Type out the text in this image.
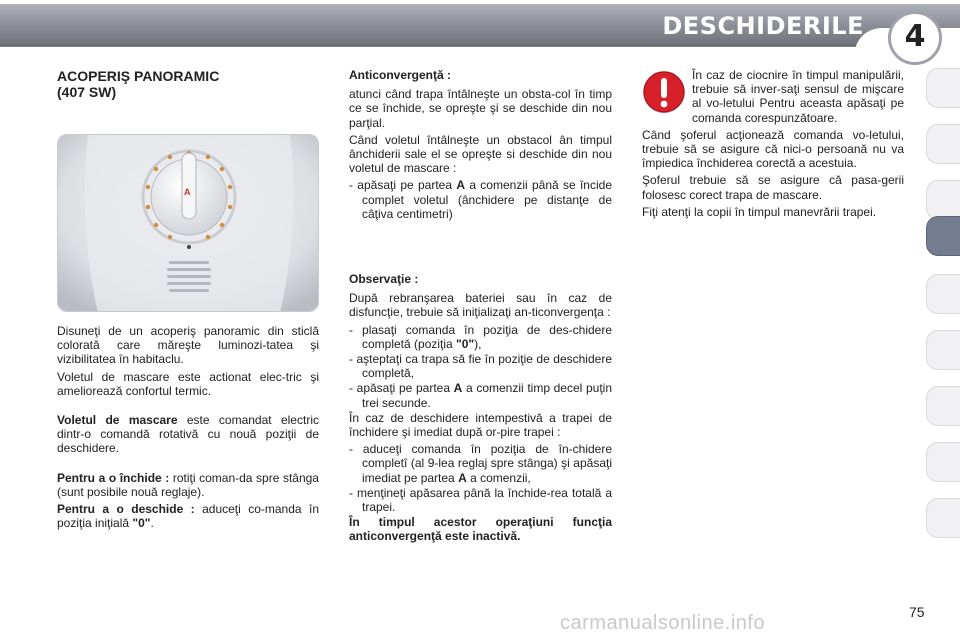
DESCHIDERILE	4
ACOPERIŞ PANORAMIC
(407 SW)
A

Disuneţi de un acoperiş panoramic din sticlă colorată care măreşte luminozi-tatea şi vizibilitatea în habitaclu.

Voletul de mascare este actionat elec-tric şi ameliorează confortul termic.

Voletul de mascare este comandat electric dintr-o comandă rotativă cu nouă poziţii de deschidere.

Pentru a o închide : rotiţi coman-da spre stânga (sunt posibile nouă reglaje).

Pentru a o deschide : aduceţi co-manda în poziţia iniţială "0".

Anticonvergenţă :

atunci când trapa întâlneşte un obsta-col în timp ce se închide, se opreşte şi se deschide din nou parţial.

Când voletul întâlneşte un obstacol ân timpul ânchiderii sale el se opreşte si deschide din nou voletul de mascare :

- apăsaţi pe partea A a comenzii până se încide complet voletul (ânchidere pe distanţe de câţiva centimetri)
Observaţie :

După rebranşarea bateriei sau în caz de disfuncţie, trebuie să iniţializaţi an-ticonvergenţa :

- plasaţi comanda în poziţia de des-chidere completă (poziţia "0"),
- aşteptaţi ca trapa să fie în poziţie de deschidere completă,
- apăsaţi pe partea A a comenzii timp decel puţin trei secunde.

În caz de deschidere intempestivă a trapei de închidere şi imediat după or-pire trapei :

- aduceţi comanda în poziţia de în-chidere completî (al 9-lea reglaj spre stânga) şi apăsaţi imediat pe partea A a comenzii,
- menţineţi apăsarea până la închide-rea totală a trapei.

În timpul acestor operaţiuni funcţia anticonvergenţă este inactivă.

În caz de ciocnire în timpul manipulării, trebuie să inver-saţi sensul de mişcare al vo-letului Pentru aceasta apăsaţi pe comanda corespunzătoare.

Când şoferul acţionează comanda vo-letului, trebuie să se asigure că nici-o persoană nu va împiedica închiderea corectă a acestuia.

Şoferul trebuie să se asigure că pasa-gerii folosesc corect trapa de mascare.

Fiţi atenţi la copii în timpul manevrării trapei.

carmanualsonline.info	75
